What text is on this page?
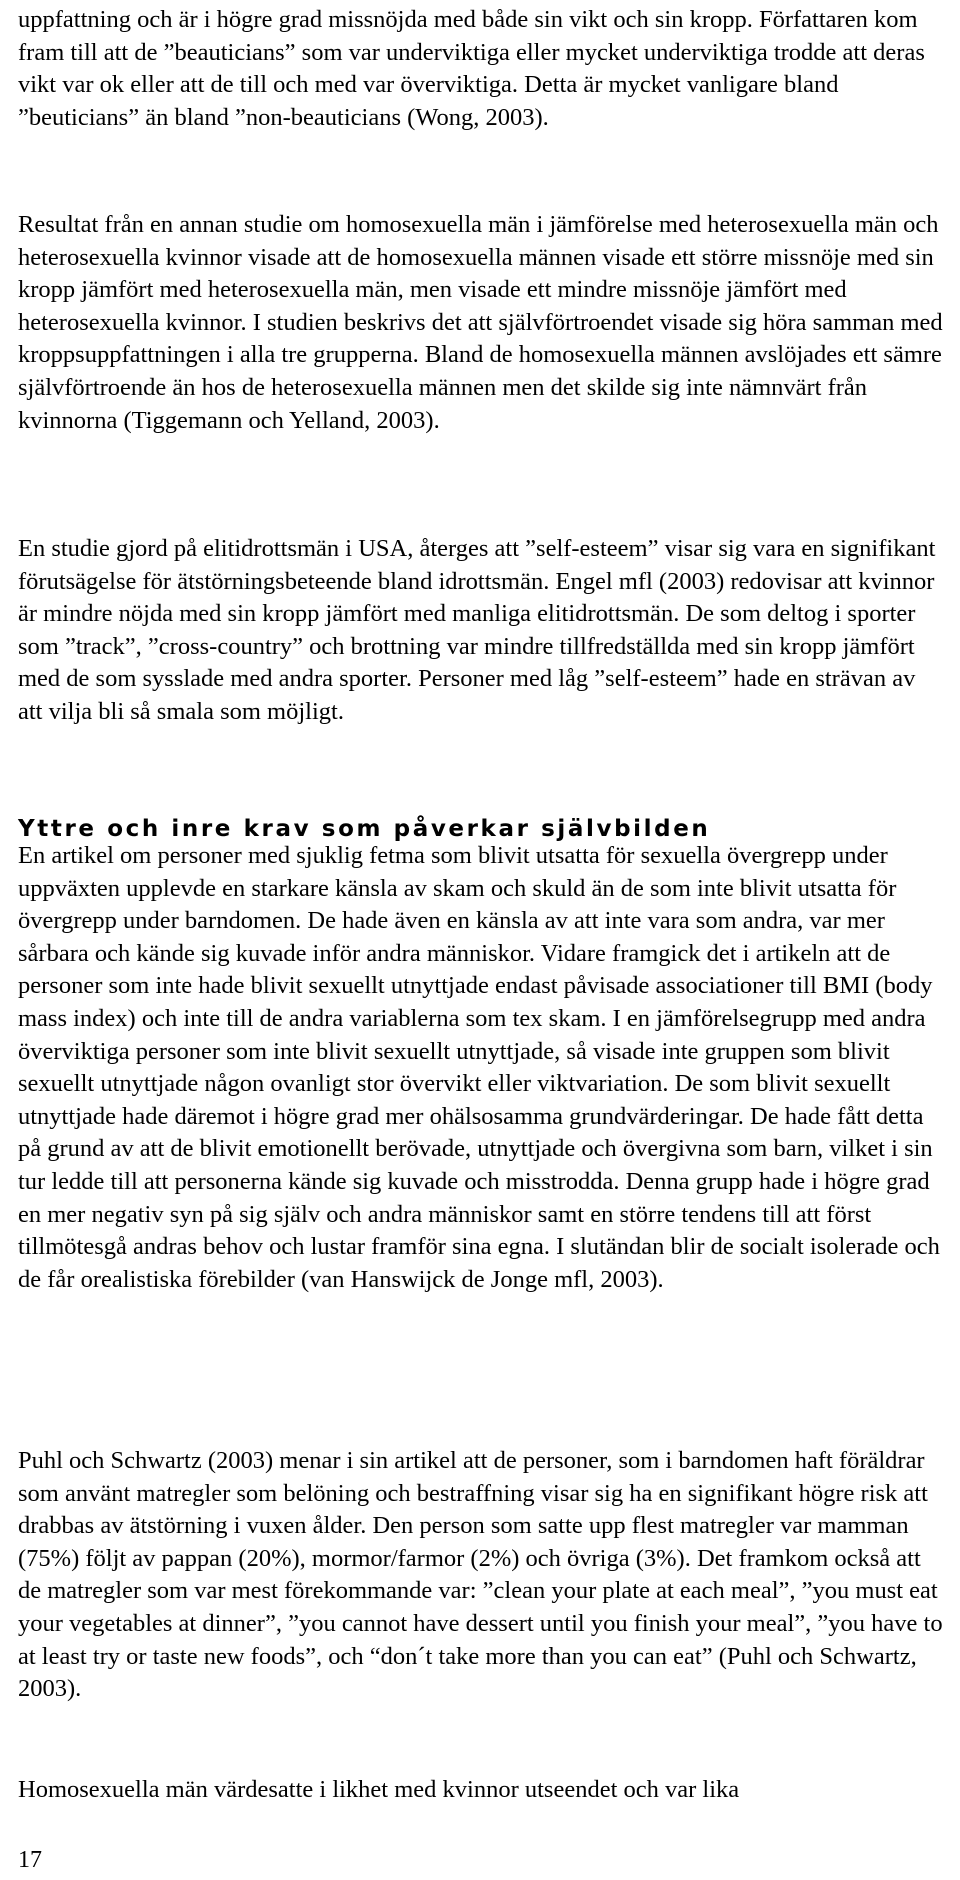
uppfattning och är i högre grad missnöjda med både sin vikt och sin kropp. Författaren kom fram till att de ”beauticians” som var underviktiga eller mycket underviktiga trodde att deras vikt var ok eller att de till och med var överviktiga. Detta är mycket vanligare bland ”beuticians” än bland ”non-beauticians (Wong, 2003).

Resultat från en annan studie om homosexuella män i jämförelse med heterosexuella män och heterosexuella kvinnor visade att de homosexuella männen visade ett större missnöje med sin kropp jämfört med heterosexuella män, men visade ett mindre missnöje jämfört med heterosexuella kvinnor. I studien beskrivs det att självförtroendet visade sig höra samman med kroppsuppfattningen i alla tre grupperna. Bland de homosexuella männen avslöjades ett sämre självförtroende än hos de heterosexuella männen men det skilde sig inte nämnvärt från kvinnorna (Tiggemann och Yelland, 2003).

En studie gjord på elitidrottsmän i USA, återges att ”self-esteem” visar sig vara en signifikant förutsägelse för ätstörningsbeteende bland idrottsmän. Engel mfl (2003) redovisar att kvinnor är mindre nöjda med sin kropp jämfört med manliga elitidrottsmän. De som deltog i sporter som ”track”, ”cross-country” och brottning var mindre tillfredställda med sin kropp jämfört med de som sysslade med andra sporter. Personer med låg ”self-esteem” hade en strävan av att vilja bli så smala som möjligt.

Yttre och inre krav som påverkar självbilden

En artikel om personer med sjuklig fetma som blivit utsatta för sexuella övergrepp under uppväxten upplevde en starkare känsla av skam och skuld än de som inte blivit utsatta för övergrepp under barndomen. De hade även en känsla av att inte vara som andra, var mer sårbara och kände sig kuvade inför andra människor. Vidare framgick det i artikeln att de personer som inte hade blivit sexuellt utnyttjade endast påvisade associationer till BMI (body mass index) och inte till de andra variablerna som tex skam. I en jämförelsegrupp med andra överviktiga personer som inte blivit sexuellt utnyttjade, så visade inte gruppen som blivit sexuellt utnyttjade någon ovanligt stor övervikt eller viktvariation. De som blivit sexuellt utnyttjade hade däremot i högre grad mer ohälsosamma grundvärderingar. De hade fått detta på grund av att de blivit emotionellt berövade, utnyttjade och övergivna som barn, vilket i sin tur ledde till att personerna kände sig kuvade och misstrodda. Denna grupp hade i högre grad en mer negativ syn på sig själv och andra människor samt en större tendens till att först tillmötesgå andras behov och lustar framför sina egna. I slutändan blir de socialt isolerade och de får orealistiska förebilder (van Hanswijck de Jonge mfl, 2003).

Puhl och Schwartz (2003) menar i sin artikel att de personer, som i barndomen haft föräldrar som använt matregler som belöning och bestraffning visar sig ha en signifikant högre risk att drabbas av ätstörning i vuxen ålder. Den person som satte upp flest matregler var mamman (75%) följt av pappan (20%), mormor/farmor (2%) och övriga (3%). Det framkom också att de matregler som var mest förekommande var: ”clean your plate at each meal”, ”you must eat your vegetables at dinner”, ”you cannot have dessert until you finish your meal”, ”you have to at least try or taste new foods”, och “don´t take more than you can eat” (Puhl och Schwartz, 2003).

Homosexuella män värdesatte i likhet med kvinnor utseendet och var lika

17
